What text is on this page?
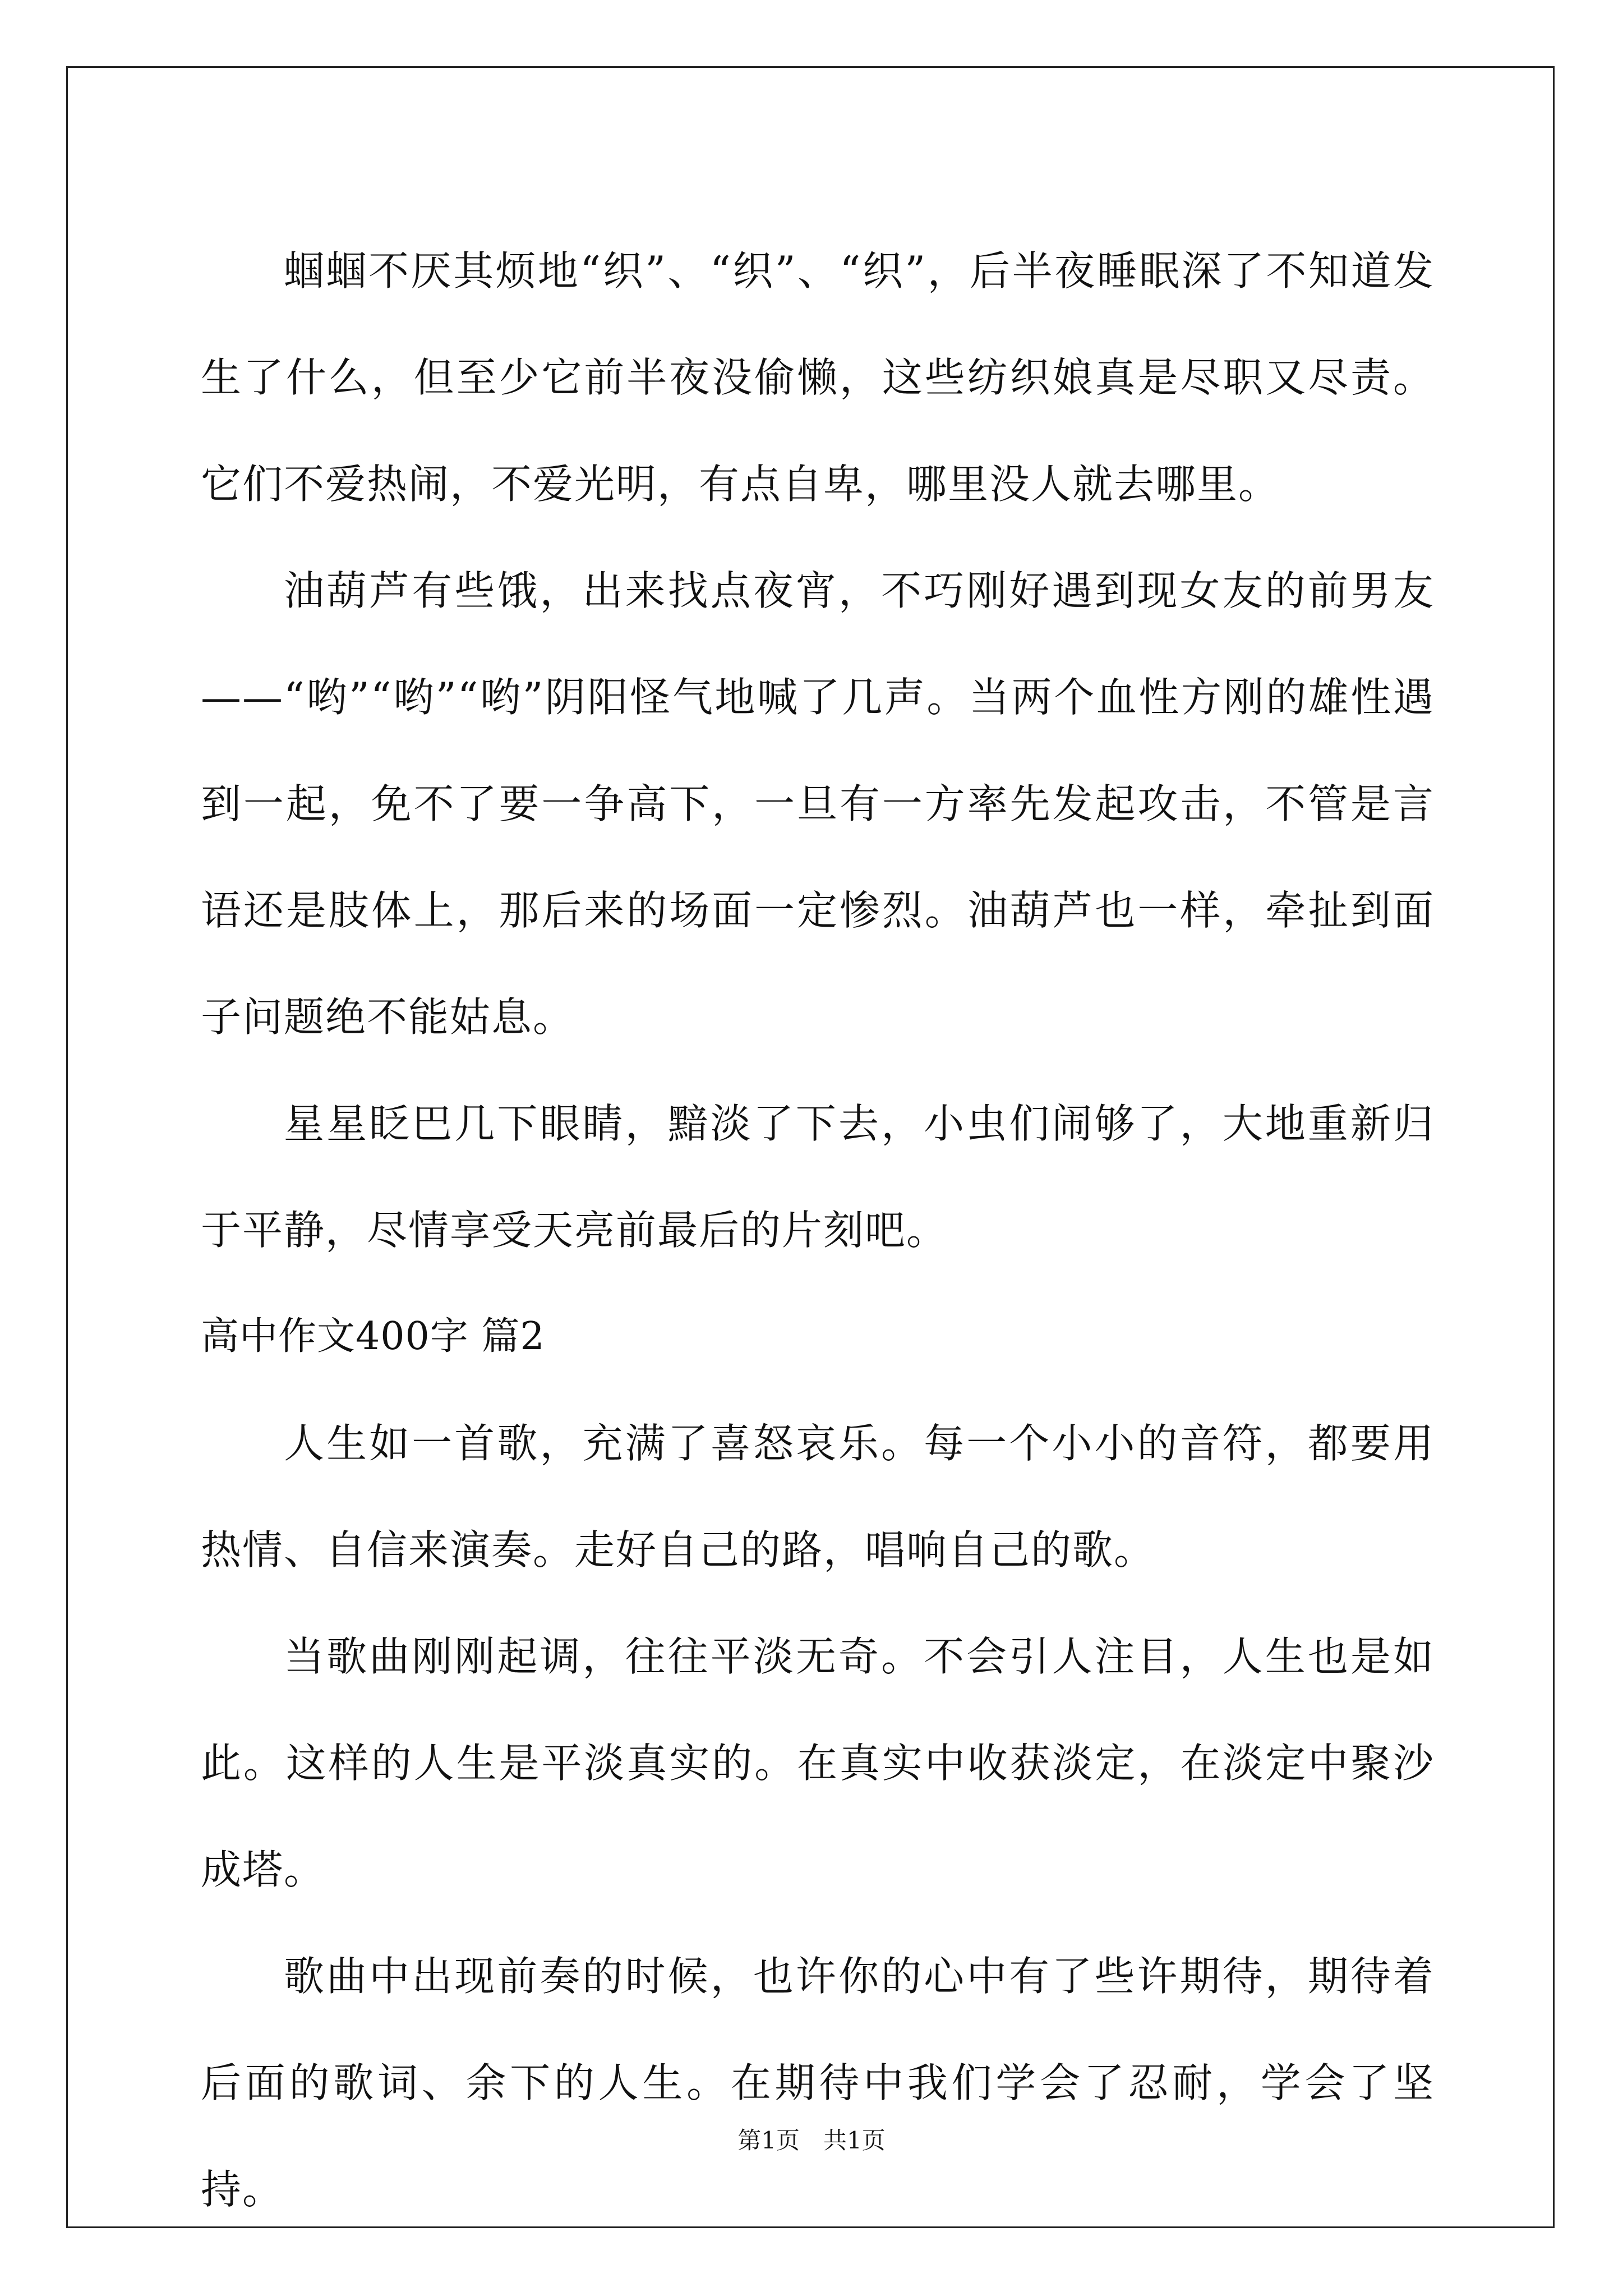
蝈蝈不厌其烦地“织”、“织”、“织”，后半夜睡眠深了不知道发生了什么，但至少它前半夜没偷懒，这些纺织娘真是尽职又尽责。它们不爱热闹，不爱光明，有点自卑，哪里没人就去哪里。

油葫芦有些饿，出来找点夜宵，不巧刚好遇到现女友的前男友——“哟”“哟”“哟”阴阳怪气地喊了几声。当两个血性方刚的雄性遇到一起，免不了要一争高下，一旦有一方率先发起攻击，不管是言语还是肢体上，那后来的场面一定惨烈。油葫芦也一样，牵扯到面子问题绝不能姑息。

星星眨巴几下眼睛，黯淡了下去，小虫们闹够了，大地重新归于平静，尽情享受天亮前最后的片刻吧。

高中作文400字 篇2

人生如一首歌，充满了喜怒哀乐。每一个小小的音符，都要用热情、自信来演奏。走好自己的路，唱响自己的歌。

当歌曲刚刚起调，往往平淡无奇。不会引人注目，人生也是如此。这样的人生是平淡真实的。在真实中收获淡定，在淡定中聚沙成塔。

歌曲中出现前奏的时候，也许你的心中有了些许期待，期待着后面的歌词、余下的人生。在期待中我们学会了忍耐，学会了坚持。

第1页　共1页
